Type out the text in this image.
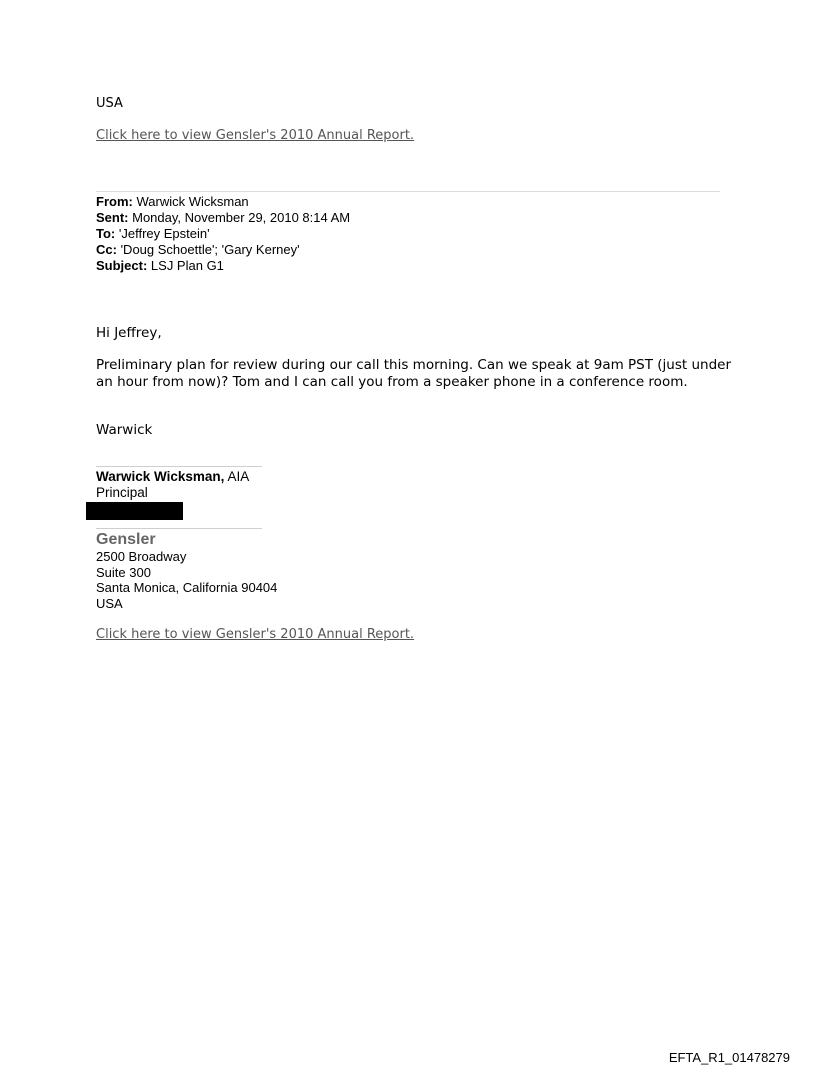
USA
Click here to view Gensler's 2010 Annual Report.
From: Warwick Wicksman
Sent: Monday, November 29, 2010 8:14 AM
To: 'Jeffrey Epstein'
Cc: 'Doug Schoettle'; 'Gary Kerney'
Subject: LSJ Plan G1
Hi Jeffrey,
Preliminary plan for review during our call this morning. Can we speak at 9am PST (just under an hour from now)? Tom and I can call you from a speaker phone in a conference room.
Warwick
Warwick Wicksman, AIA
Principal
Gensler
2500 Broadway
Suite 300
Santa Monica, California 90404
USA
Click here to view Gensler's 2010 Annual Report.
EFTA_R1_01478279
